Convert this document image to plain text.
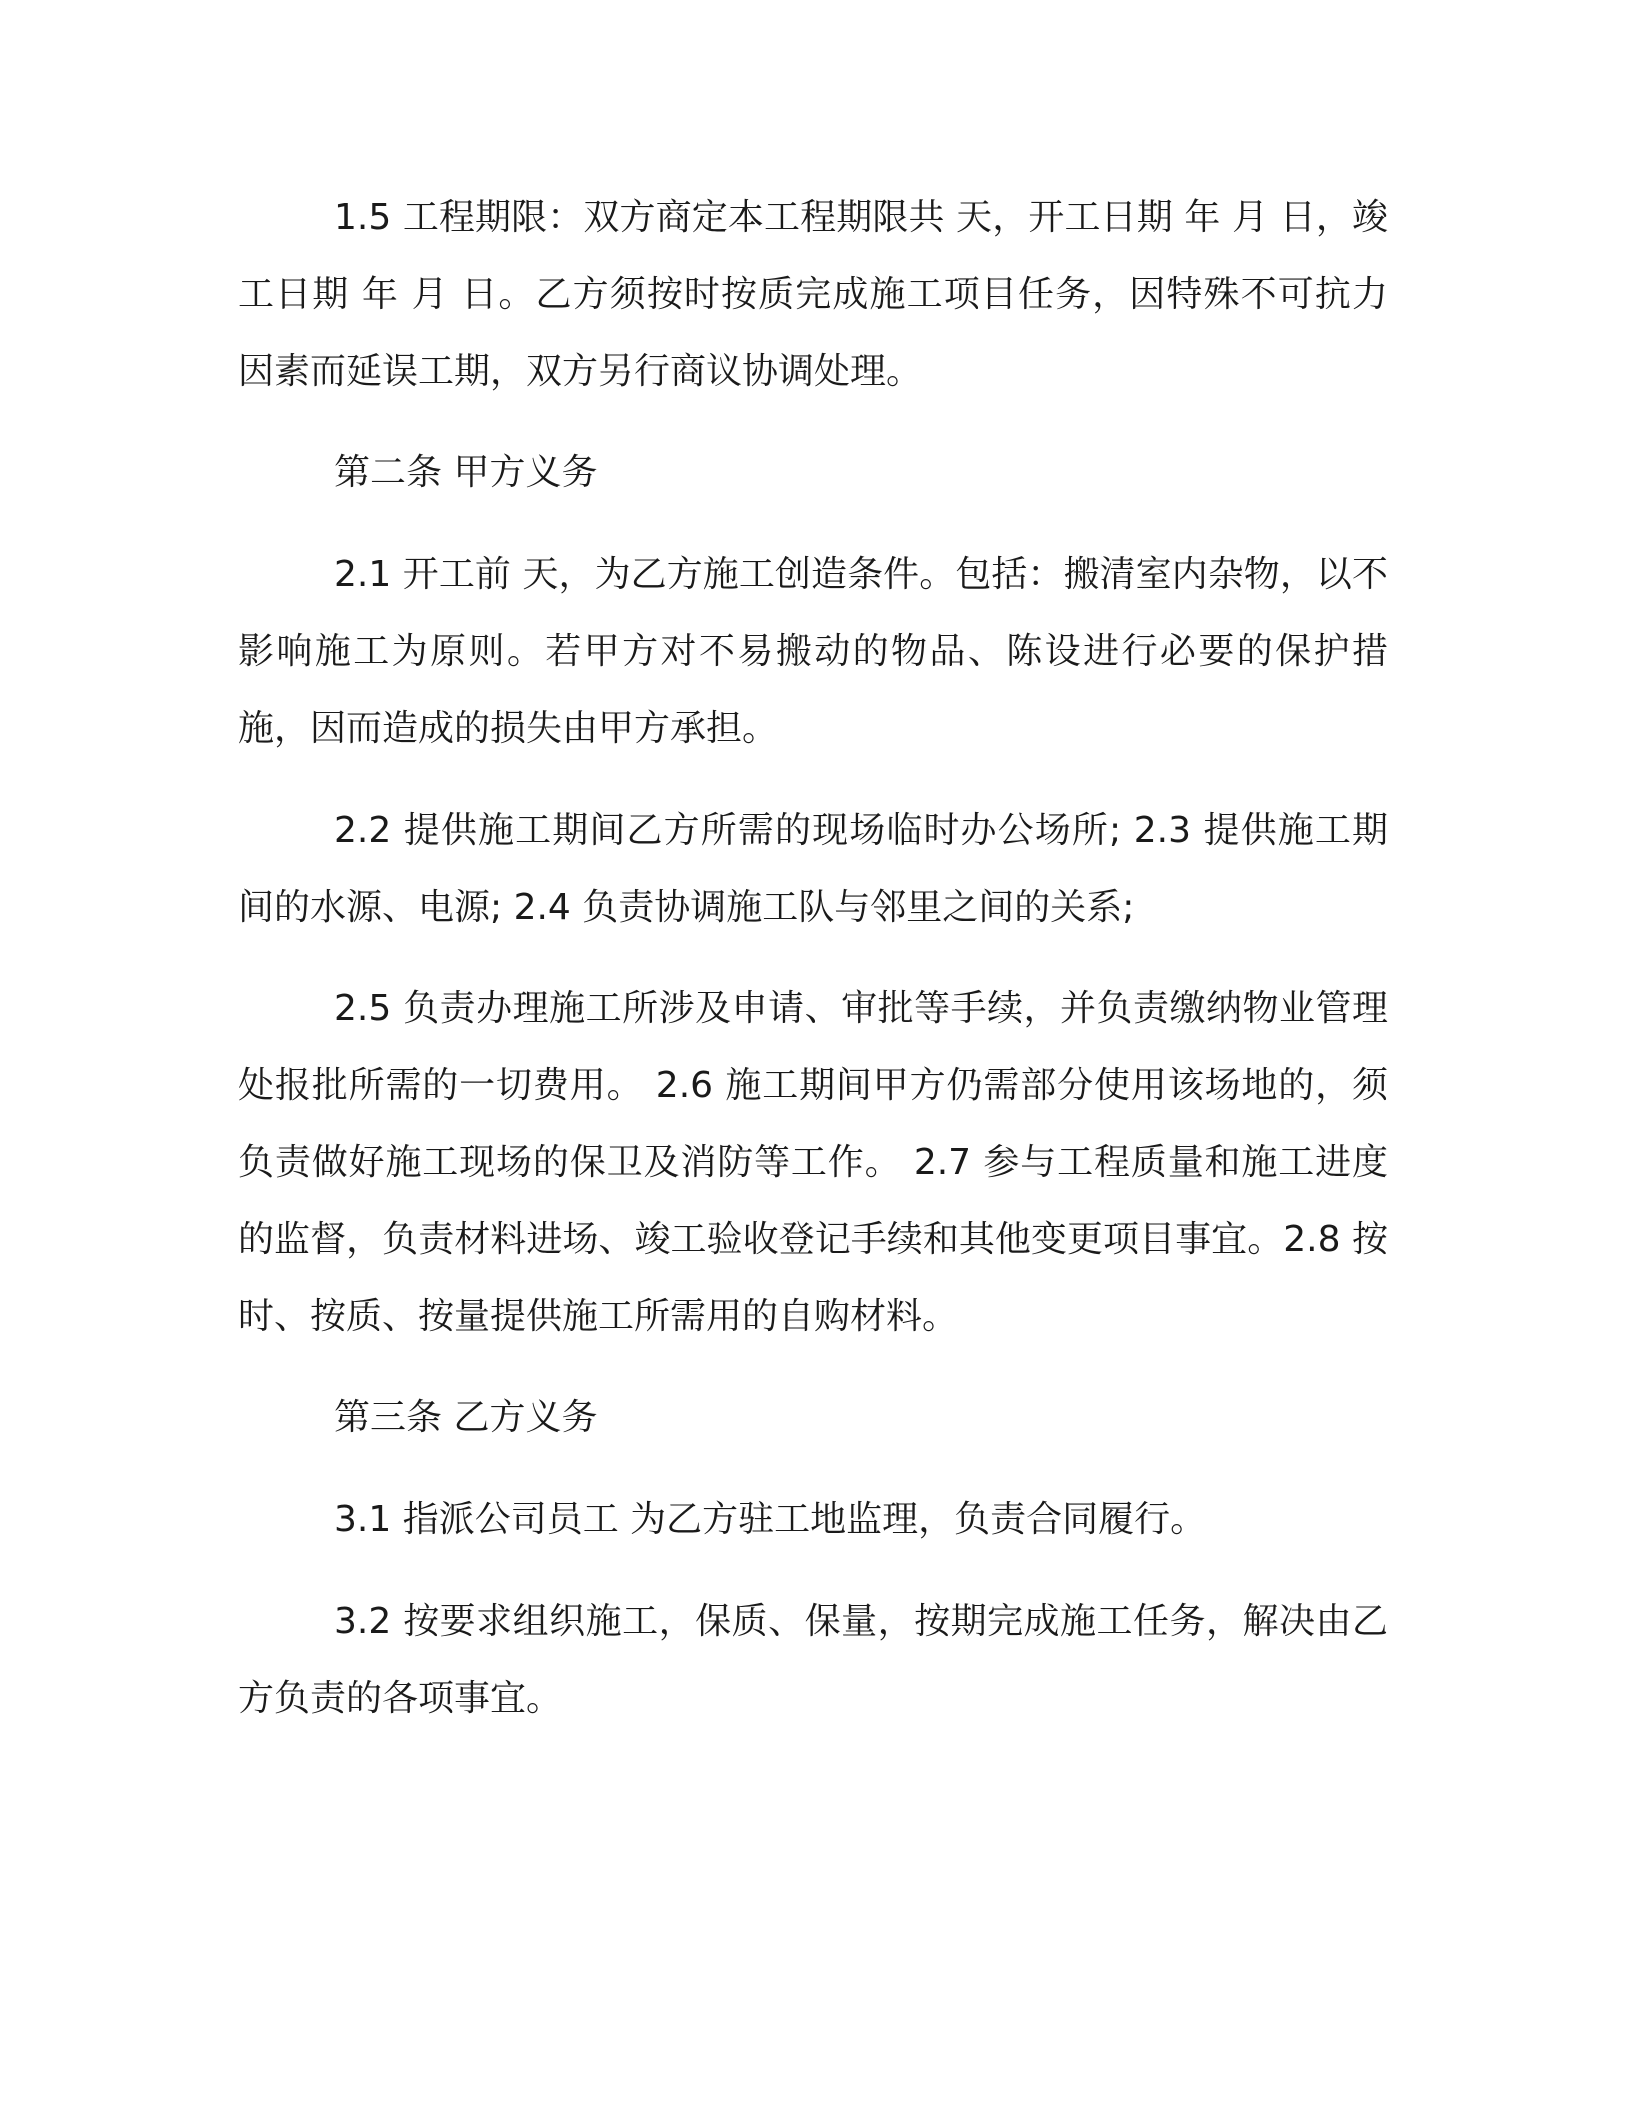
1.5 工程期限：双方商定本工程期限共 天，开工日期 年 月 日，竣工日期 年 月 日。乙方须按时按质完成施工项目任务，因特殊不可抗力因素而延误工期，双方另行商议协调处理。

第二条 甲方义务

2.1 开工前 天，为乙方施工创造条件。包括：搬清室内杂物，以不影响施工为原则。若甲方对不易搬动的物品、陈设进行必要的保护措施，因而造成的损失由甲方承担。

2.2 提供施工期间乙方所需的现场临时办公场所; 2.3 提供施工期间的水源、电源; 2.4 负责协调施工队与邻里之间的关系;

2.5 负责办理施工所涉及申请、审批等手续，并负责缴纳物业管理处报批所需的一切费用。 2.6 施工期间甲方仍需部分使用该场地的，须负责做好施工现场的保卫及消防等工作。 2.7 参与工程质量和施工进度的监督，负责材料进场、竣工验收登记手续和其他变更项目事宜。2.8 按时、按质、按量提供施工所需用的自购材料。

第三条 乙方义务

3.1 指派公司员工 为乙方驻工地监理，负责合同履行。

3.2 按要求组织施工，保质、保量，按期完成施工任务，解决由乙方负责的各项事宜。
